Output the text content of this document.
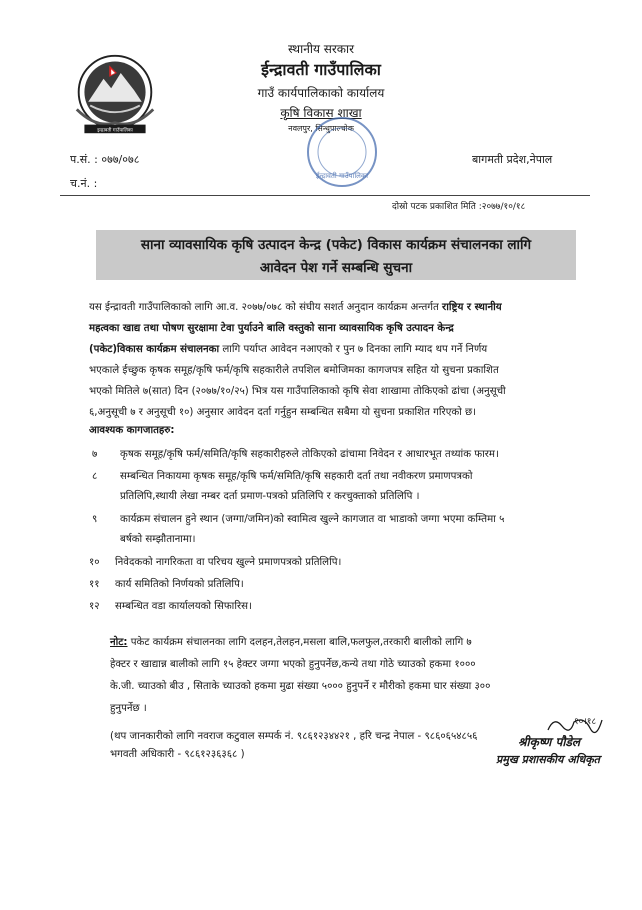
इन्द्रावती गाउँपालिका
स्थानीय सरकार
ईन्द्रावती गाउँपालिका
गाउँ कार्यपालिकाको कार्यालय
कृषि विकास शाखा
नवलपुर, सिन्धुपाल्चोक
ईन्द्रावती गाउँपालिका
प.सं. : ०७७/०७८
च.नं. :
बागमती प्रदेश,नेपाल
दोस्रो पटक प्रकाशित मिति :२०७७/१०/१८
साना व्यावसायिक कृषि उत्पादन केन्द्र (पकेट) विकास कार्यक्रम संचालनका लागि
आवेदन पेश गर्ने सम्बन्धि सुचना
यस ईन्द्रावती गाउँपालिकाको लागि आ.व. २०७७/०७८ को संघीय सशर्त अनुदान कार्यक्रम अन्तर्गत राष्ट्रिय र स्थानीय
महत्वका खाद्य तथा पोषण सुरक्षामा टेवा पुर्याउने बालि वस्तुको साना व्यावसायिक कृषि उत्पादन केन्द्र
(पकेट)विकास कार्यक्रम संचालनका लागि पर्याप्त आवेदन नआएको र पुन ७ दिनका लागि म्याद थप गर्ने निर्णय
भएकाले ईच्छुक कृषक समूह/कृषि फर्म/कृषि सहकारीले तपशिल बमोजिमका कागजपत्र सहित यो सुचना प्रकाशित
भएको मितिले ७(सात) दिन (२०७७/१०/२५) भित्र यस गाउँपालिकाको कृषि सेवा शाखामा तोकिएको ढांचा (अनुसूची
६,अनुसूची ७ र अनुसूची १०) अनुसार आवेदन दर्ता गर्नुहुन सम्बन्धित सबैमा यो सुचना प्रकाशित गरिएको छ।
आवश्यक कागजातहरु:
७ कृषक समूह/कृषि फर्म/समिति/कृषि सहकारीहरुले तोकिएको ढांचामा निवेदन र आधारभूत तथ्यांक फारम।
८ सम्बन्धित निकायमा कृषक समूह/कृषि फर्म/समिति/कृषि सहकारी दर्ता तथा नवीकरण प्रमाणपत्रको
प्रतिलिपि,स्थायी लेखा नम्बर दर्ता प्रमाण-पत्रको प्रतिलिपि र करचुक्ताको प्रतिलिपि ।
९ कार्यक्रम संचालन हुने स्थान (जग्गा/जमिन)को स्वामित्व खुल्ने कागजात वा भाडाको जग्गा भएमा कम्तिमा ५
बर्षको सम्झौतानामा।
१० निवेदकको नागरिकता वा परिचय खुल्ने प्रमाणपत्रको प्रतिलिपि।
११ कार्य समितिको निर्णयको प्रतिलिपि।
१२ सम्बन्धित वडा कार्यालयको सिफारिस।
नोट: पकेट कार्यक्रम संचालनका लागि दलहन,तेलहन,मसला बालि,फलफुल,तरकारी बालीको लागि ७
हेक्टर र खाद्यान्न बालीको लागि १५ हेक्टर जग्गा भएको हुनुपर्नेछ,कन्ये तथा गोठे च्याउको हकमा १०००
के.जी. च्याउको बीउ , सिताके च्याउको हकमा मुढा संख्या ५००० हुनुपर्ने र मौरीको हकमा घार संख्या ३००
हुनुपर्नेछ ।
(थप जानकारीको लागि नवराज कटुवाल सम्पर्क नं. ९८६१२३४४२१ , हरि चन्द्र नेपाल - ९८६०६५४८५६
भगवती अधिकारी - ९८६१२३६३६८ )
१०।१८
श्रीकृष्ण पौडेल
प्रमुख प्रशासकीय अधिकृत
